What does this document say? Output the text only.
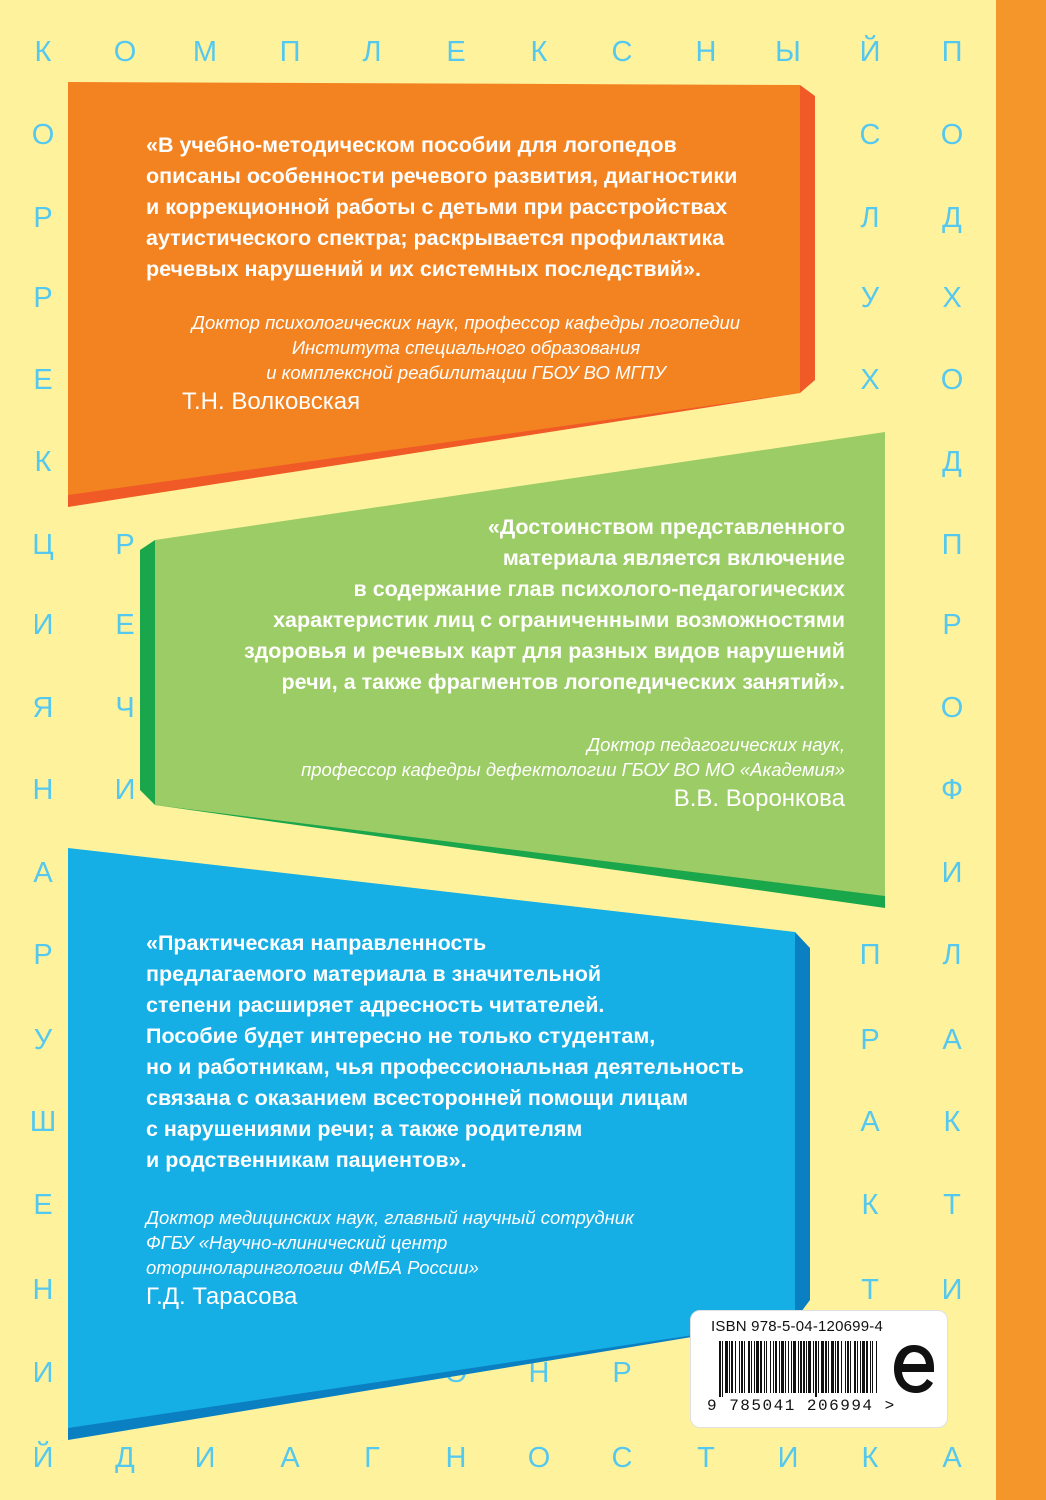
К	О	М	П	Л	Е	К	С	Н	Ы	Й	П
Й	Д	И	А	Г	Н	О	С	Т	И	К	А
О
Р
Р
Е
К
Ц
И
Я
Н
А
Р
У
Ш
Е
Н
И
Р
Е
Ч
И
С
Л
У
Х
П
Р
А
К
Т
О
Д
Х
О
Д
П
Р
О
Ф
И
Л
А
К
Т
И
Н	Р
«В учебно-методическом пособии для логопедов
описаны особенности речевого развития, диагностики
и коррекционной работы с детьми при расстройствах
аутистического спектра; раскрывается профилактика
речевых нарушений и их системных последствий».
Доктор психологических наук, профессор кафедры логопедии
Института специального образования
и комплексной реабилитации ГБОУ ВО МГПУ
Т.Н. Волковская
«Достоинством представленного
материала является включение
в содержание глав психолого-педагогических
характеристик лиц с ограниченными возможностями
здоровья и речевых карт для разных видов нарушений
речи, а также фрагментов логопедических занятий».
Доктор педагогических наук,
профессор кафедры дефектологии ГБОУ ВО МО «Академия»
В.В. Воронкова
«Практическая направленность
предлагаемого материала в значительной
степени расширяет адресность читателей.
Пособие будет интересно не только студентам,
но и работникам, чья профессиональная деятельность
связана с оказанием всесторонней помощи лицам
с нарушениями речи; а также родителям
и родственникам пациентов».
Доктор медицинских наук, главный научный сотрудник
ФГБУ «Научно-клинический центр
оториноларингологии ФМБА России»
Г.Д. Тарасова
ISBN 978-5-04-120699-4
9 785041 206994 >
